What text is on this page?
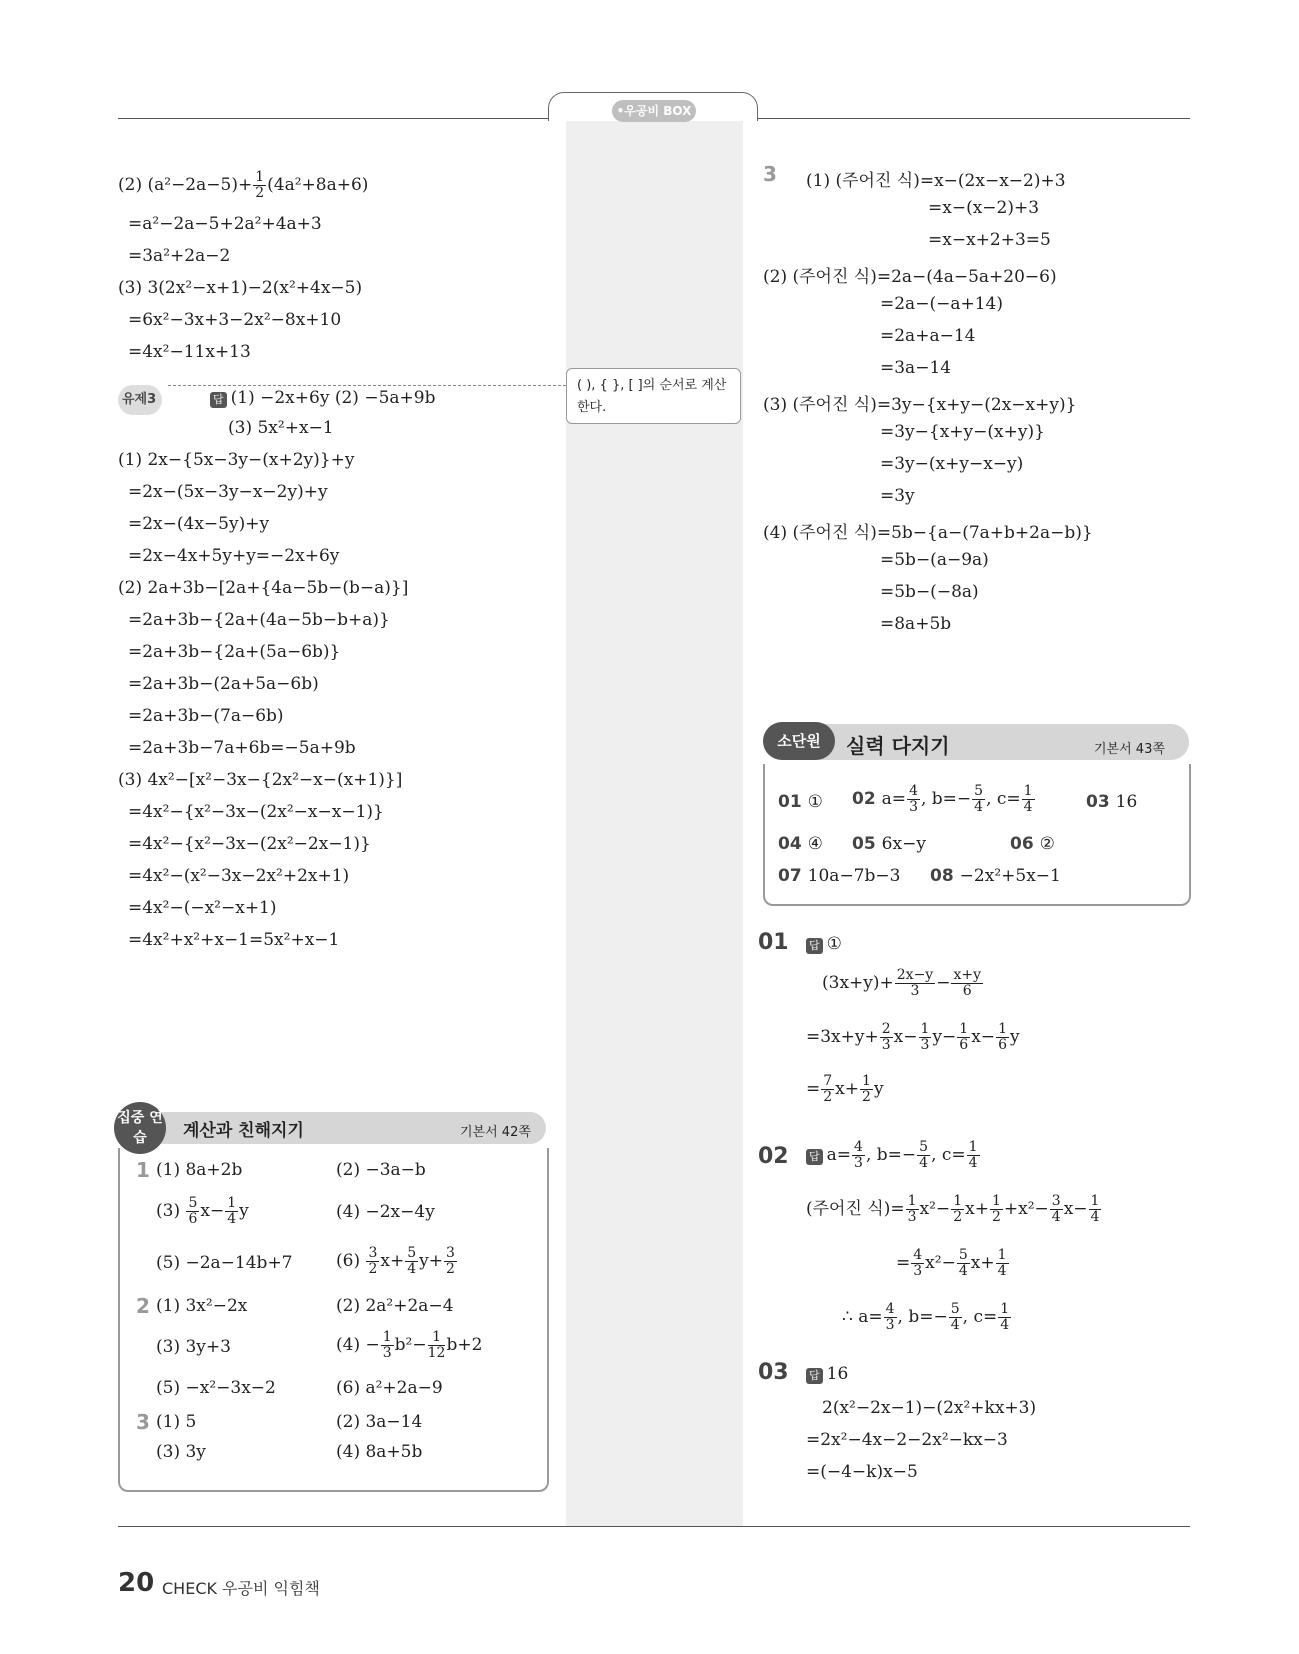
•우공비 BOX
( ), { }, [ ]의 순서로 계산한다.
(2) $(a^2-2a-5)+ \frac{1}{2} (4a^2+8a+6)$
=a²−2a−5+2a²+4a+3
=3a²+2a−2
(3) 3(2x²−x+1)−2(x²+4x−5)
=6x²−3x+3−2x²−8x+10
=4x²−11x+13
유제3	답 (1) −2x+6y (2) −5a+9b
(3) 5x²+x−1
(1) 2x−{5x−3y−(x+2y)}+y
=2x−(5x−3y−x−2y)+y
=2x−(4x−5y)+y
=2x−4x+5y+y=−2x+6y
(2) 2a+3b−[2a+{4a−5b−(b−a)}]
=2a+3b−{2a+(4a−5b−b+a)}
=2a+3b−{2a+(5a−6b)}
=2a+3b−(2a+5a−6b)
=2a+3b−(7a−6b)
=2a+3b−7a+6b=−5a+9b
(3) 4x²−[x²−3x−{2x²−x−(x+1)}]
=4x²−{x²−3x−(2x²−x−x−1)}
=4x²−{x²−3x−(2x²−2x−1)}
=4x²−(x²−3x−2x²+2x+1)
=4x²−(−x²−x+1)
=4x²+x²+x−1=5x²+x−1
집중 연습	계산과 친해지기	기본서 42쪽
1 (1) 8a+2b	(2) −3a−b
$(3) \frac{5}{6} x- \frac{1}{4}$ y	(4) −2x−4y
(5) −2a−14b+7	$(6) \frac{3}{2} x+ \frac{5}{4} y+ \frac{3}{2}$
2 (1) 3x²−2x	(2) 2a²+2a−4
(3) 3y+3	$(4) - \frac{1}{3} b^2- \frac{1}{12} b+2$
(5) −x²−3x−2	(6) a²+2a−9
3 (1) 5	(2) 3a−14
(3) 3y	(4) 8a+5b
3 (1) (주어진 식)=x−(2x−x−2)+3
=x−(x−2)+3
=x−x+2+3=5
(2) (주어진 식)=2a−(4a−5a+20−6)
=2a−(−a+14)
=2a+a−14
=3a−14
(3) (주어진 식)=3y−{x+y−(2x−x+y)}
=3y−{x+y−(x+y)}
=3y−(x+y−x−y)
=3y
(4) (주어진 식)=5b−{a−(7a+b+2a−b)}
=5b−(a−9a)
=5b−(−8a)
=8a+5b
소단원	실력 다지기	기본서 43쪽
01 ① 02 $a= \frac{4}{3}$ , $b=- \frac{5}{4}$ , $c= \frac{1}{4}$	03 16
04 ④ 05 6x−y	06 ②
07 10a−7b−3 08 −2x²+5x−1
01 답 ①
$(3x+y)+ \frac{2x-y}{3} - \frac{x+y}{6}$
$=3x+y+ \frac{2}{3} x- \frac{1}{3} y- \frac{1}{6} x- \frac{1}{6}$ y
= $\frac{7}{2} x+ \frac{1}{2}$ y
02 답 $a= \frac{4}{3}$ , $b=- \frac{5}{4}$ , $c= \frac{1}{4}$
(주어진 식)= $\frac{1}{3} x^2- \frac{1}{2} x+ \frac{1}{2} +x^2- \frac{3}{4} x- \frac{1}{4}$
= $\frac{4}{3} x^2- \frac{5}{4} x+ \frac{1}{4}$
∴ $a= \frac{4}{3}$ , $b=- \frac{5}{4}$ , $c= \frac{1}{4}$
03 답 16
2(x²−2x−1)−(2x²+kx+3)
=2x²−4x−2−2x²−kx−3
=(−4−k)x−5
20 CHECK 우공비 익힘책
